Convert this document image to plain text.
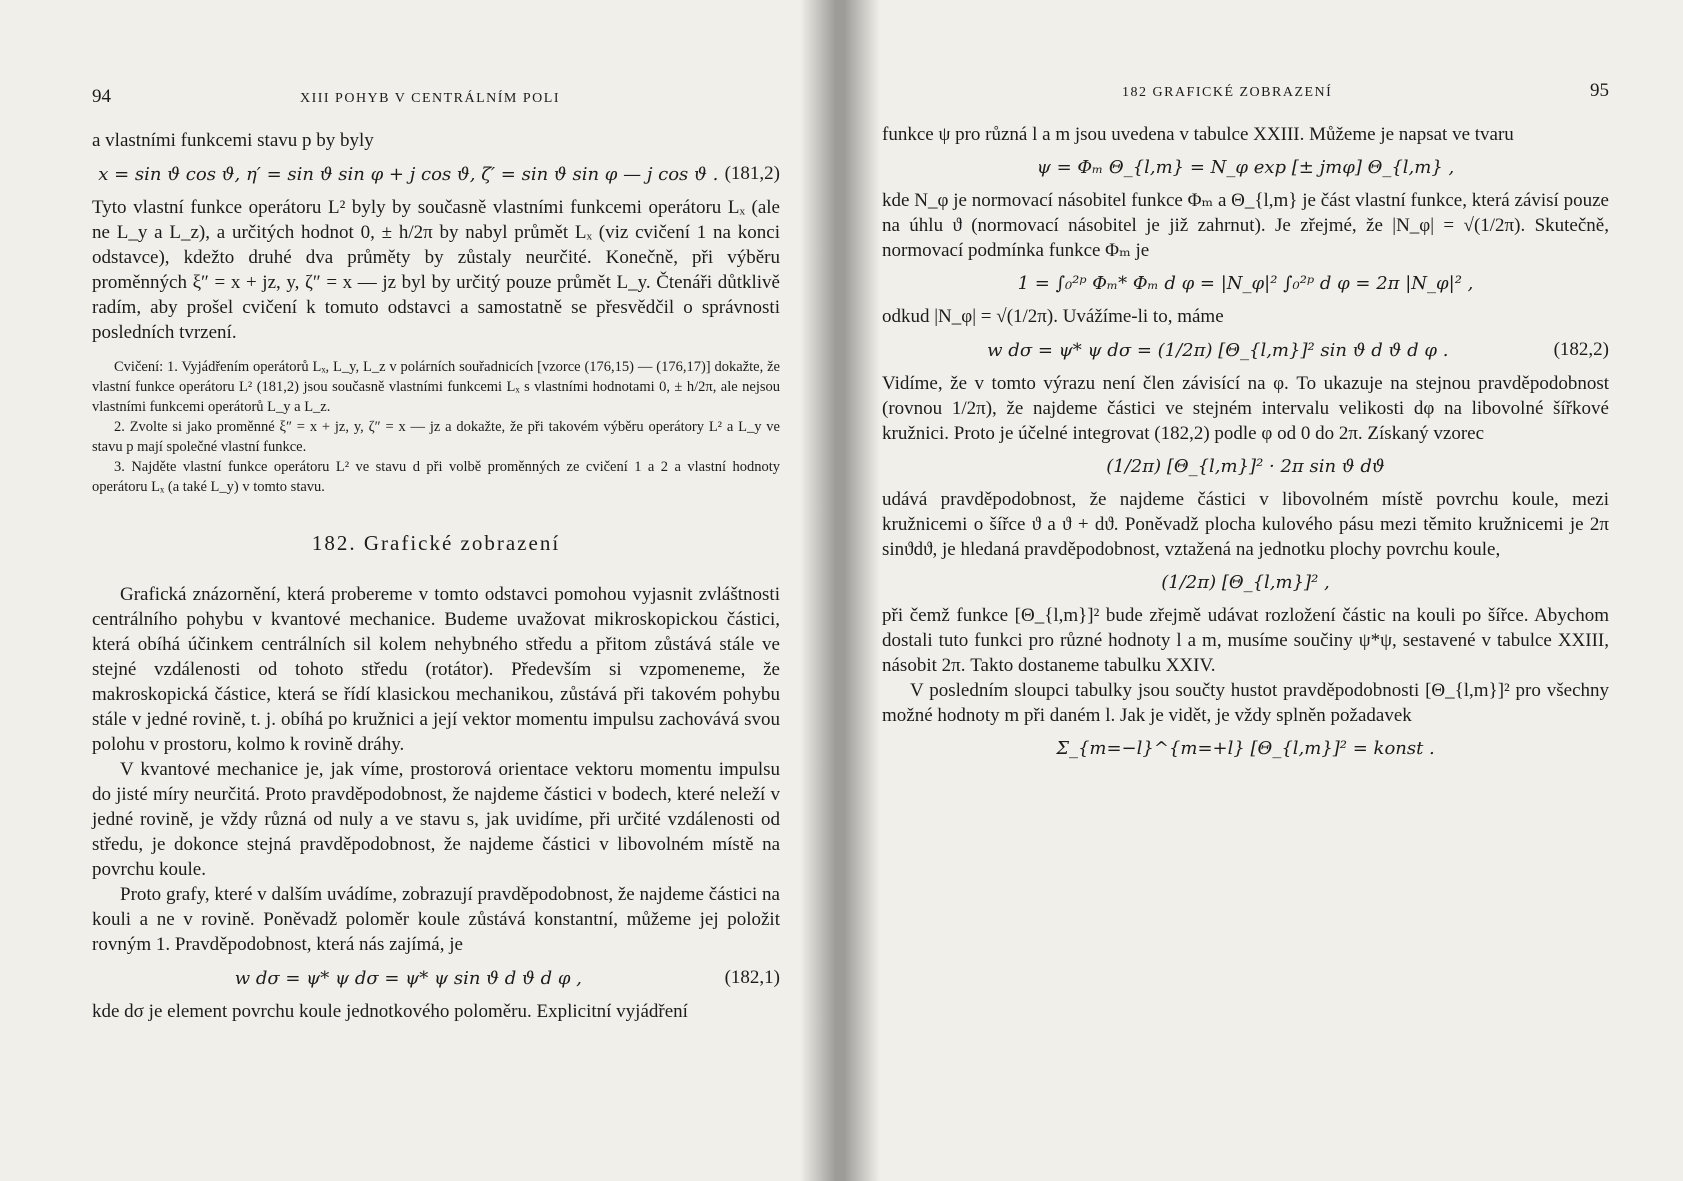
94	XIII POHYB V CENTRÁLNÍM POLI

a vlastními funkcemi stavu p by byly

x = sin ϑ cos ϑ, η′ = sin ϑ sin φ + j cos ϑ, ζ′ = sin ϑ sin φ — j cos ϑ . (181,2)

Tyto vlastní funkce operátoru L² byly by současně vlastními funkcemi operátoru Lₓ (ale ne L_y a L_z), a určitých hodnot 0, ± h/2π by nabyl průmět Lₓ (viz cvičení 1 na konci odstavce), kdežto druhé dva průměty by zůstaly neurčité. Konečně, při výběru proměnných ξ″ = x + jz, y, ζ″ = x — jz byl by určitý pouze průmět L_y. Čtenáři důtklivě radím, aby prošel cvičení k tomuto odstavci a samostatně se přesvědčil o správnosti posledních tvrzení.

Cvičení: 1. Vyjádřením operátorů Lₓ, L_y, L_z v polárních souřadnicích [vzorce (176,15) — (176,17)] dokažte, že vlastní funkce operátoru L² (181,2) jsou současně vlastními funkcemi Lₓ s vlastními hodnotami 0, ± h/2π, ale nejsou vlastními funkcemi operátorů L_y a L_z.

2. Zvolte si jako proměnné ξ″ = x + jz, y, ζ″ = x — jz a dokažte, že při takovém výběru operátory L² a L_y ve stavu p mají společné vlastní funkce.

3. Najděte vlastní funkce operátoru L² ve stavu d při volbě proměnných ze cvičení 1 a 2 a vlastní hodnoty operátoru Lₓ (a také L_y) v tomto stavu.

182. Grafické zobrazení

Grafická znázornění, která probereme v tomto odstavci pomohou vyjasnit zvláštnosti centrálního pohybu v kvantové mechanice. Budeme uvažovat mikroskopickou částici, která obíhá účinkem centrálních sil kolem nehybného středu a přitom zůstává stále ve stejné vzdálenosti od tohoto středu (rotátor). Především si vzpomeneme, že makroskopická částice, která se řídí klasickou mechanikou, zůstává při takovém pohybu stále v jedné rovině, t. j. obíhá po kružnici a její vektor momentu impulsu zachovává svou polohu v prostoru, kolmo k rovině dráhy.

V kvantové mechanice je, jak víme, prostorová orientace vektoru momentu impulsu do jisté míry neurčitá. Proto pravděpodobnost, že najdeme částici v bodech, které neleží v jedné rovině, je vždy různá od nuly a ve stavu s, jak uvidíme, při určité vzdálenosti od středu, je dokonce stejná pravděpodobnost, že najdeme částici v libovolném místě na povrchu koule.

Proto grafy, které v dalším uvádíme, zobrazují pravděpodobnost, že najdeme částici na kouli a ne v rovině. Poněvadž poloměr koule zůstává konstantní, můžeme jej položit rovným 1. Pravděpodobnost, která nás zajímá, je

w dσ = ψ* ψ dσ = ψ* ψ sin ϑ d ϑ d φ ,	(182,1)

kde dσ je element povrchu koule jednotkového poloměru. Explicitní vyjádření

182 GRAFICKÉ ZOBRAZENÍ	95

funkce ψ pro různá l a m jsou uvedena v tabulce XXIII. Můžeme je napsat ve tvaru

ψ = Φₘ Θ_{l,m} = N_φ exp [± jmφ] Θ_{l,m} ,

kde N_φ je normovací násobitel funkce Φₘ a Θ_{l,m} je část vlastní funkce, která závisí pouze na úhlu ϑ (normovací násobitel je již zahrnut). Je zřejmé, že |N_φ| = √(1/2π). Skutečně, normovací podmínka funkce Φₘ je

1 = ∫₀²ᵖ Φₘ* Φₘ d φ = |N_φ|² ∫₀²ᵖ d φ = 2π |N_φ|² ,

odkud |N_φ| = √(1/2π). Uvážíme-li to, máme

w dσ = ψ* ψ dσ = (1/2π) [Θ_{l,m}]² sin ϑ d ϑ d φ .	(182,2)

Vidíme, že v tomto výrazu není člen závisící na φ. To ukazuje na stejnou pravděpodobnost (rovnou 1/2π), že najdeme částici ve stejném intervalu velikosti dφ na libovolné šířkové kružnici. Proto je účelné integrovat (182,2) podle φ od 0 do 2π. Získaný vzorec

(1/2π) [Θ_{l,m}]² · 2π sin ϑ dϑ

udává pravděpodobnost, že najdeme částici v libovolném místě povrchu koule, mezi kružnicemi o šířce ϑ a ϑ + dϑ. Poněvadž plocha kulového pásu mezi těmito kružnicemi je 2π sinϑdϑ, je hledaná pravděpodobnost, vztažená na jednotku plochy povrchu koule,

(1/2π) [Θ_{l,m}]² ,

při čemž funkce [Θ_{l,m}]² bude zřejmě udávat rozložení částic na kouli po šířce. Abychom dostali tuto funkci pro různé hodnoty l a m, musíme součiny ψ*ψ, sestavené v tabulce XXIII, násobit 2π. Takto dostaneme tabulku XXIV.

V posledním sloupci tabulky jsou součty hustot pravděpodobnosti [Θ_{l,m}]² pro všechny možné hodnoty m při daném l. Jak je vidět, je vždy splněn požadavek

Σ_{m=−l}^{m=+l} [Θ_{l,m}]² = konst .
